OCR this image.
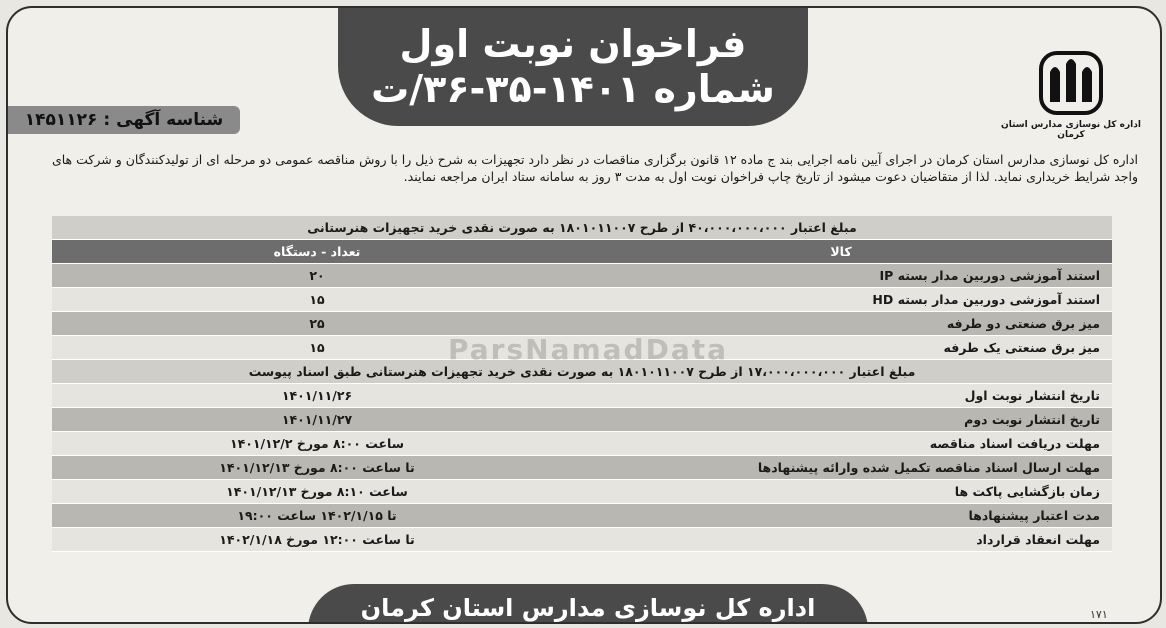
فراخوان نوبت اول
شماره ۱۴۰۱-۳۵-۳۶/ت
شناسه آگهی :
۱۴۵۱۱۲۶	اداره کل نوسازی مدارس استان کرمان
اداره کل نوسازی مدارس استان کرمان در اجرای آیین نامه اجرایی بند ج ماده ۱۲ قانون برگزاری مناقصات در نظر دارد تجهیزات به شرح ذیل را با روش مناقصه عمومی دو مرحله ای از تولیدکنندگان و شرکت های
واجد شرایط خریداری نماید. لذا از متقاضیان دعوت میشود از تاریخ چاپ فراخوان نوبت اول به مدت ۳ روز به سامانه ستاد ایران مراجعه نمایند.
مبلغ اعتبار ۴۰،۰۰۰،۰۰۰،۰۰۰ از طرح ۱۸۰۱۰۱۱۰۰۷ به صورت نقدی خرید تجهیزات هنرستانی
کالا
تعداد - دستگاه
استند آموزشی دوربین مدار بسته IP
۲۰
استند آموزشی دوربین مدار بسته HD
۱۵
میز برق صنعتی دو طرفه
۲۵
میز برق صنعتی یک طرفه
۱۵
مبلغ اعتبار ۱۷،۰۰۰،۰۰۰،۰۰۰ از طرح ۱۸۰۱۰۱۱۰۰۷ به صورت نقدی خرید تجهیزات هنرستانی طبق اسناد پیوست
تاریخ انتشار نوبت اول
۱۴۰۱/۱۱/۲۶
تاریخ انتشار نوبت دوم
۱۴۰۱/۱۱/۲۷
مهلت دریافت اسناد مناقصه
ساعت ۸:۰۰ مورخ ۱۴۰۱/۱۲/۲
مهلت ارسال اسناد مناقصه تکمیل شده وارائه پیشنهادها
تا ساعت ۸:۰۰ مورخ ۱۴۰۱/۱۲/۱۳
زمان بازگشایی پاکت ها
ساعت ۸:۱۰ مورخ ۱۴۰۱/۱۲/۱۳
مدت اعتبار پیشنهادها
تا ۱۴۰۲/۱/۱۵ ساعت ۱۹:۰۰
مهلت انعقاد قرارداد
تا ساعت ۱۲:۰۰ مورخ ۱۴۰۲/۱/۱۸
ParsNamadData
اداره کل نوسازی مدارس استان کرمان	۱۷۱
